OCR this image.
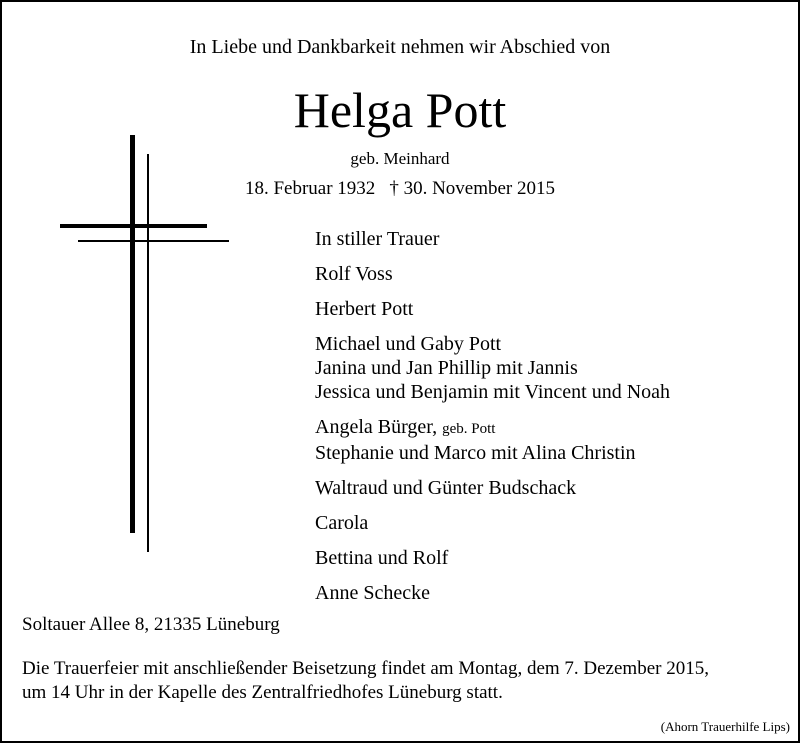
In Liebe und Dankbarkeit nehmen wir Abschied von
Helga Pott
geb. Meinhard
18. Februar 1932 † 30. November 2015
In stiller Trauer
Rolf Voss
Herbert Pott
Michael und Gaby Pott
Janina und Jan Phillip mit Jannis
Jessica und Benjamin mit Vincent und Noah
Angela Bürger, geb. Pott
Stephanie und Marco mit Alina Christin
Waltraud und Günter Budschack
Carola
Bettina und Rolf
Anne Schecke
Soltauer Allee 8, 21335 Lüneburg
Die Trauerfeier mit anschließender Beisetzung findet am Montag, dem 7. Dezember 2015,
um 14 Uhr in der Kapelle des Zentralfriedhofes Lüneburg statt.
(Ahorn Trauerhilfe Lips)
